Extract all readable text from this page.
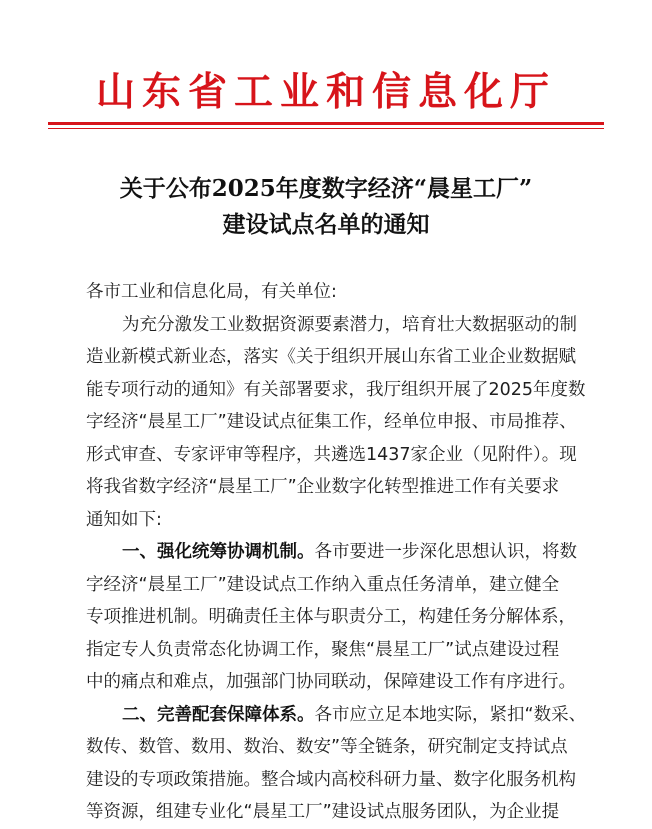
山东省工业和信息化厅
关于公布2025年度数字经济“晨星工厂”
建设试点名单的通知
各市工业和信息化局，有关单位:
为充分激发工业数据资源要素潜力，培育壮大数据驱动的制
造业新模式新业态，落实《关于组织开展山东省工业企业数据赋
能专项行动的通知》有关部署要求，我厅组织开展了2025年度数
字经济“晨星工厂”建设试点征集工作，经单位申报、市局推荐、
形式审查、专家评审等程序，共遴选1437家企业（见附件）。现
将我省数字经济“晨星工厂”企业数字化转型推进工作有关要求
通知如下:
一、强化统筹协调机制。各市要进一步深化思想认识，将数
字经济“晨星工厂”建设试点工作纳入重点任务清单，建立健全
专项推进机制。明确责任主体与职责分工，构建任务分解体系，
指定专人负责常态化协调工作，聚焦“晨星工厂”试点建设过程
中的痛点和难点，加强部门协同联动，保障建设工作有序进行。
二、完善配套保障体系。各市应立足本地实际，紧扣“数采、
数传、数管、数用、数治、数安”等全链条，研究制定支持试点
建设的专项政策措施。整合域内高校科研力量、数字化服务机构
等资源，组建专业化“晨星工厂”建设试点服务团队，为企业提
